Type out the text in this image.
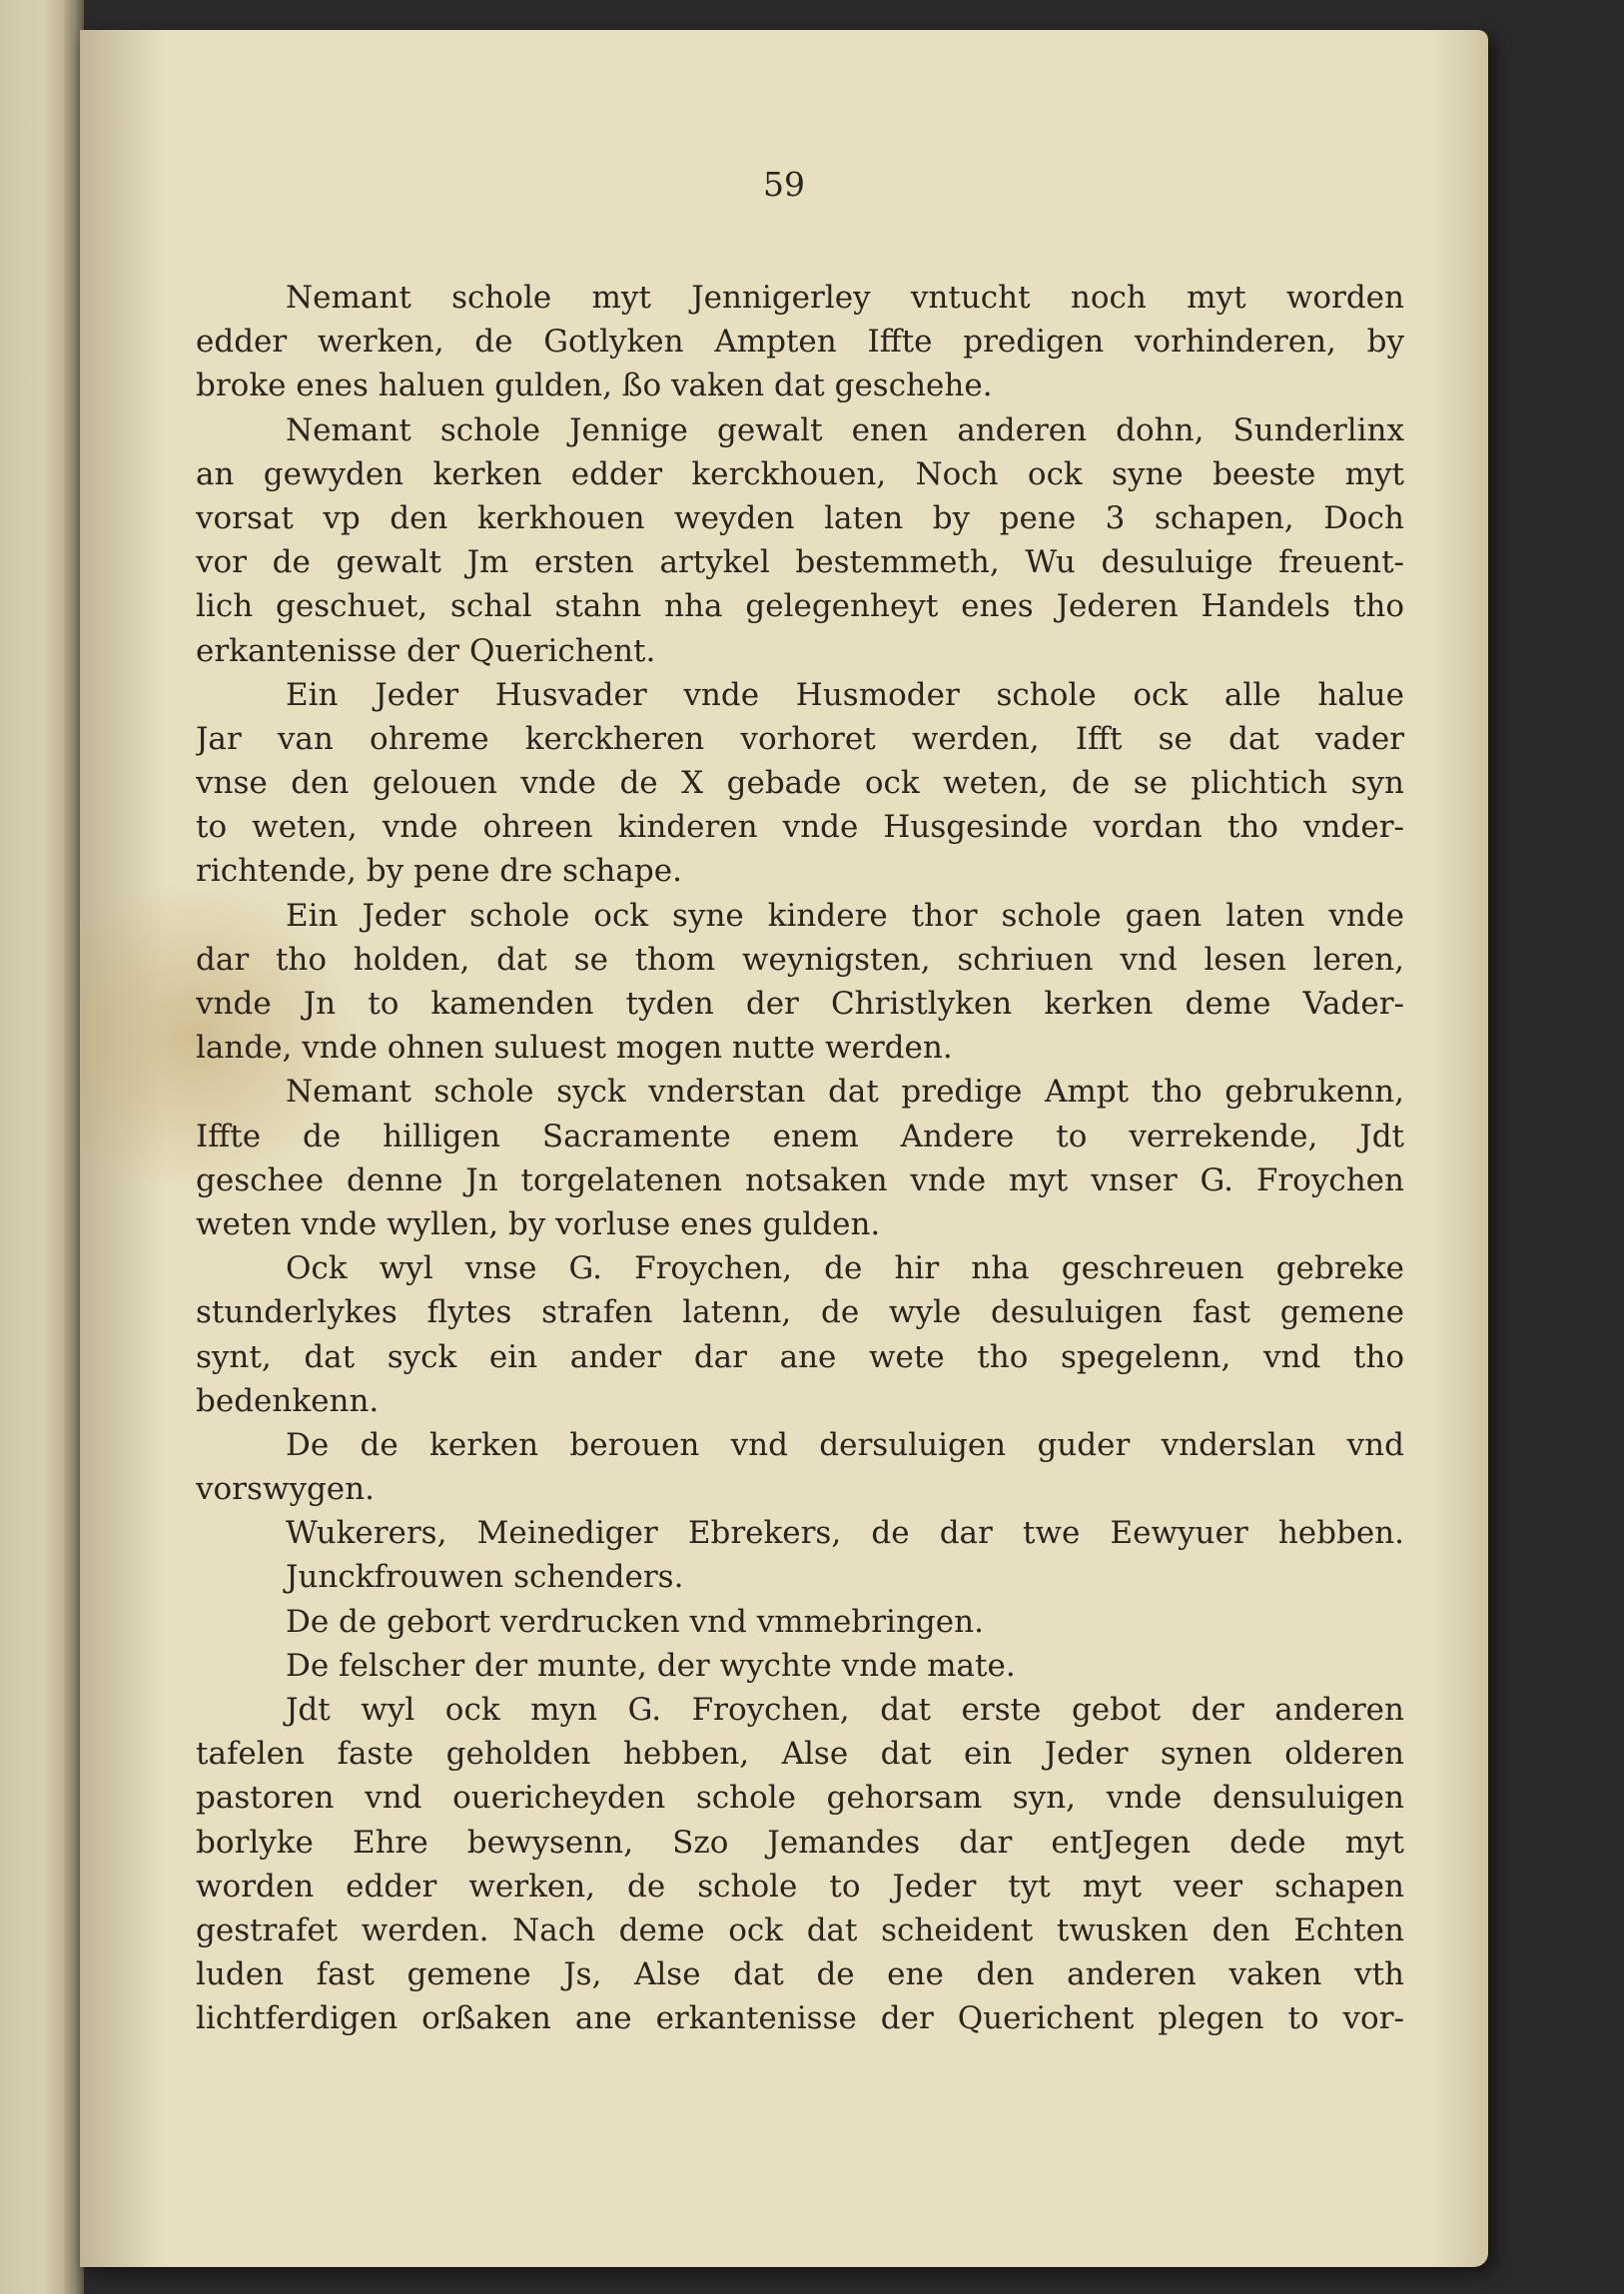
59
Nemant schole myt Jennigerley vntucht noch myt worden
edder werken, de Gotlyken Ampten Iffte predigen vorhinderen, by
broke enes haluen gulden, ßo vaken dat geschehe.
Nemant schole Jennige gewalt enen anderen dohn, Sunderlinx
an gewyden kerken edder kerckhouen, Noch ock syne beeste myt
vorsat vp den kerkhouen weyden laten by pene 3 schapen, Doch
vor de gewalt Jm ersten artykel bestemmeth, Wu desuluige freuent-
lich geschuet, schal stahn nha gelegenheyt enes Jederen Handels tho
erkantenisse der Querichent.
Ein Jeder Husvader vnde Husmoder schole ock alle halue
Jar van ohreme kerckheren vorhoret werden, Ifft se dat vader
vnse den gelouen vnde de X gebade ock weten, de se plichtich syn
to weten, vnde ohreen kinderen vnde Husgesinde vordan tho vnder-
richtende, by pene dre schape.
Ein Jeder schole ock syne kindere thor schole gaen laten vnde
dar tho holden, dat se thom weynigsten, schriuen vnd lesen leren,
vnde Jn to kamenden tyden der Christlyken kerken deme Vader-
lande, vnde ohnen suluest mogen nutte werden.
Nemant schole syck vnderstan dat predige Ampt tho gebrukenn,
Iffte de hilligen Sacramente enem Andere to verrekende, Jdt
geschee denne Jn torgelatenen notsaken vnde myt vnser G. Froychen
weten vnde wyllen, by vorluse enes gulden.
Ock wyl vnse G. Froychen, de hir nha geschreuen gebreke
stunderlykes flytes strafen latenn, de wyle desuluigen fast gemene
synt, dat syck ein ander dar ane wete tho spegelenn, vnd tho
bedenkenn.
De de kerken berouen vnd dersuluigen guder vnderslan vnd
vorswygen.
Wukerers, Meinediger Ebrekers, de dar twe Eewyuer hebben.
Junckfrouwen schenders.
De de gebort verdrucken vnd vmmebringen.
De felscher der munte, der wychte vnde mate.
Jdt wyl ock myn G. Froychen, dat erste gebot der anderen
tafelen faste geholden hebben, Alse dat ein Jeder synen olderen
pastoren vnd ouericheyden schole gehorsam syn, vnde densuluigen
borlyke Ehre bewysenn, Szo Jemandes dar entJegen dede myt
worden edder werken, de schole to Jeder tyt myt veer schapen
gestrafet werden. Nach deme ock dat scheident twusken den Echten
luden fast gemene Js, Alse dat de ene den anderen vaken vth
lichtferdigen orßaken ane erkantenisse der Querichent plegen to vor-
